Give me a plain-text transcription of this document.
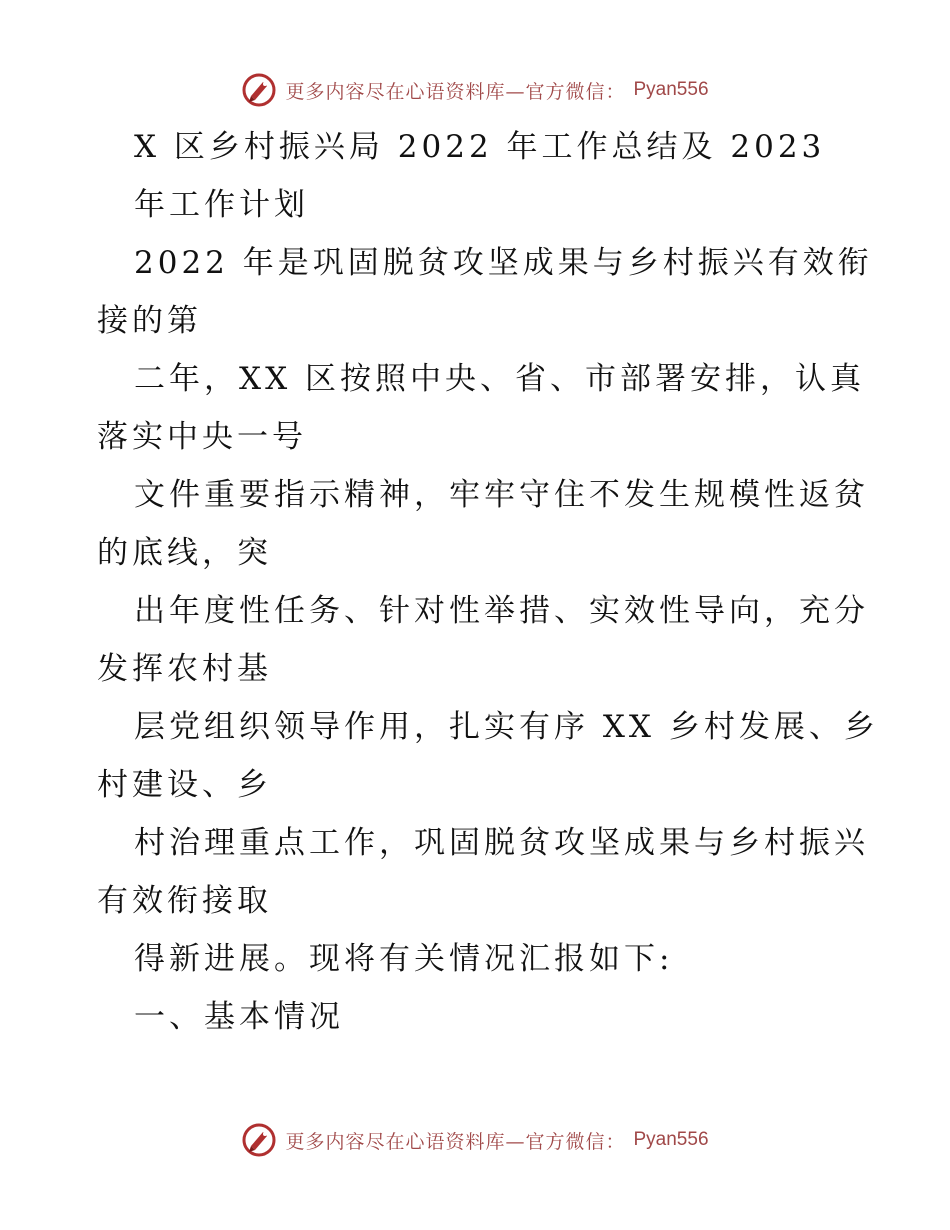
更多内容尽在心语资料库—官方微信： Pyan556
X 区乡村振兴局 2022 年工作总结及 2023
年工作计划
2022 年是巩固脱贫攻坚成果与乡村振兴有效衔
接的第
二年，XX 区按照中央、省、市部署安排，认真
落实中央一号
文件重要指示精神，牢牢守住不发生规模性返贫
的底线，突
出年度性任务、针对性举措、实效性导向，充分
发挥农村基
层党组织领导作用，扎实有序 XX 乡村发展、乡
村建设、乡
村治理重点工作，巩固脱贫攻坚成果与乡村振兴
有效衔接取
得新进展。现将有关情况汇报如下:
一、基本情况
更多内容尽在心语资料库—官方微信： Pyan556
